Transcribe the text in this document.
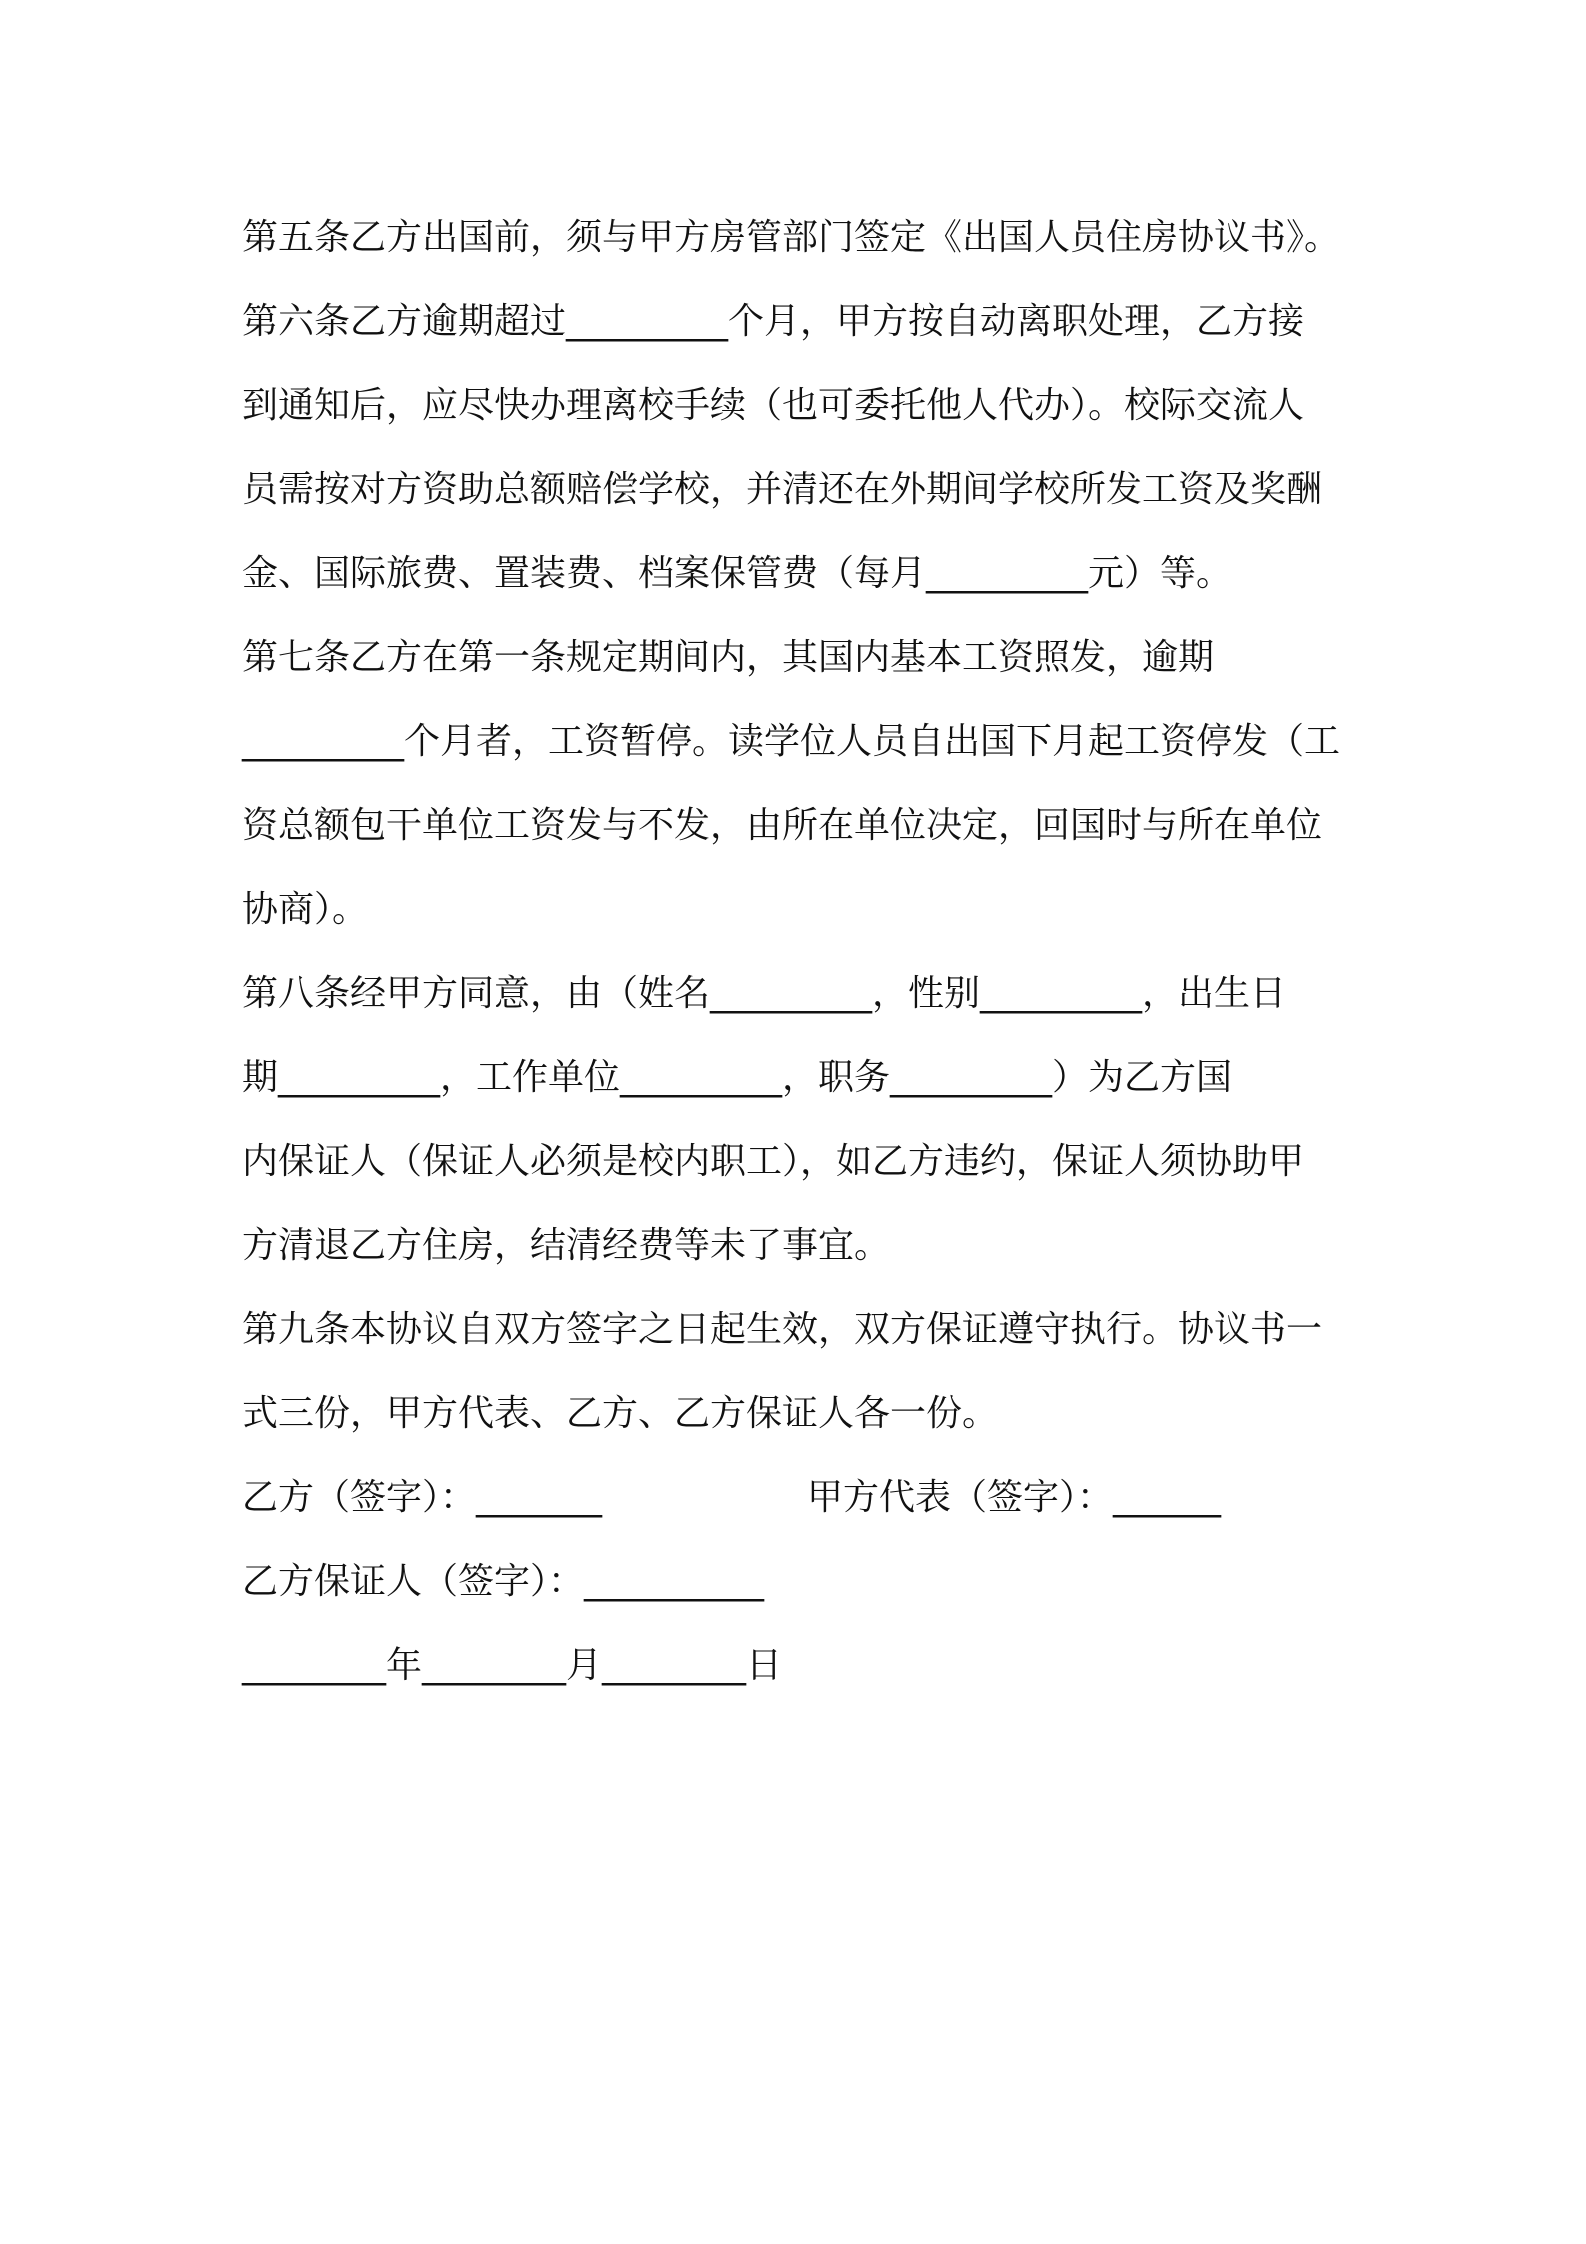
第五条乙方出国前，须与甲方房管部门签定《出国人员住房协议书》。
第六条乙方逾期超过_________个月，甲方按自动离职处理，乙方接
到通知后，应尽快办理离校手续（也可委托他人代办）。校际交流人
员需按对方资助总额赔偿学校，并清还在外期间学校所发工资及奖酬
金、国际旅费、置装费、档案保管费（每月_________元）等。
第七条乙方在第一条规定期间内，其国内基本工资照发，逾期
_________个月者，工资暂停。读学位人员自出国下月起工资停发（工
资总额包干单位工资发与不发，由所在单位决定，回国时与所在单位
协商）。
第八条经甲方同意，由（姓名_________，性别_________，出生日
期_________，工作单位_________，职务_________）为乙方国
内保证人（保证人必须是校内职工），如乙方违约，保证人须协助甲
方清退乙方住房，结清经费等未了事宜。
第九条本协议自双方签字之日起生效，双方保证遵守执行。协议书一
式三份，甲方代表、乙方、乙方保证人各一份。
乙方（签字）：_______	甲方代表（签字）：______
乙方保证人（签字）：__________
________年________月________日
